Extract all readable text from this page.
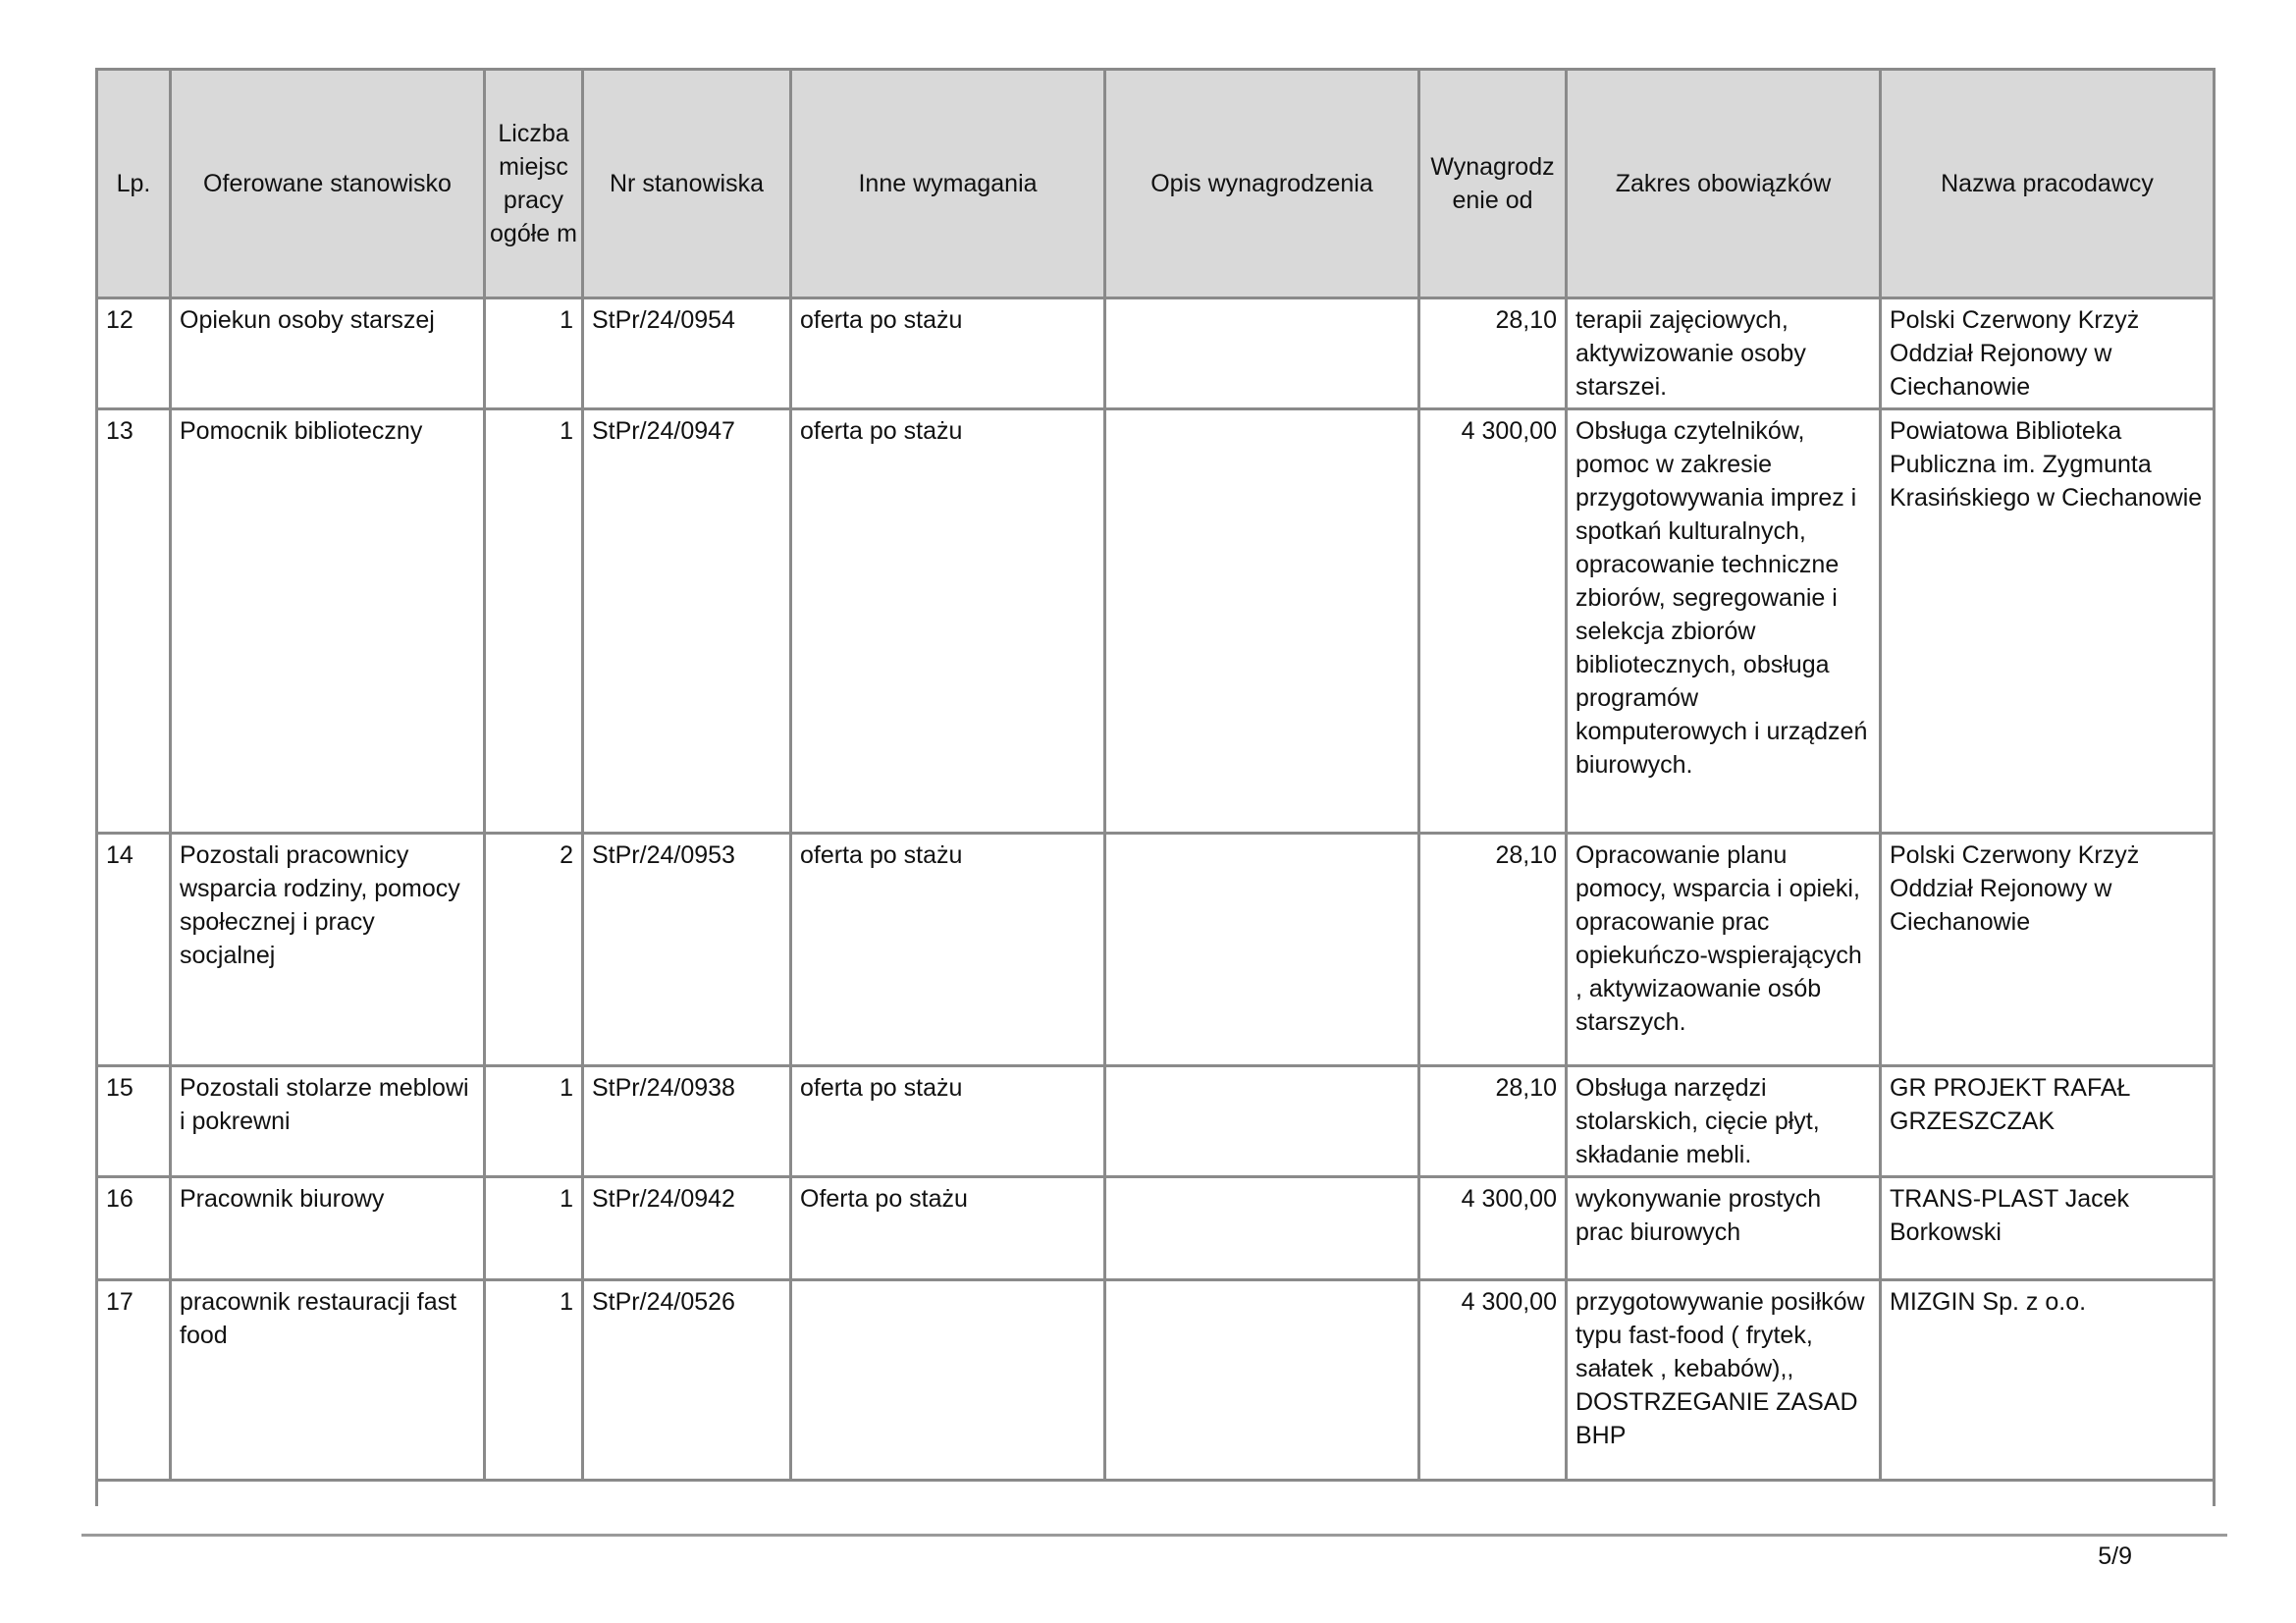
Lp.	Oferowane stanowisko	Liczba miejsc pracy ogółe m	Nr stanowiska	Inne wymagania	Opis wynagrodzenia	Wynagrodz enie od	Zakres obowiązków	Nazwa pracodawcy
12	Opiekun osoby starszej	1	StPr/24/0954	oferta po stażu		28,10	terapii zajęciowych, aktywizowanie osoby starszei.	Polski Czerwony Krzyż Oddział Rejonowy w Ciechanowie
13	Pomocnik biblioteczny	1	StPr/24/0947	oferta po stażu		4 300,00	Obsługa czytelników, pomoc w zakresie przygotowywania imprez i spotkań kulturalnych, opracowanie techniczne zbiorów, segregowanie i selekcja zbiorów bibliotecznych, obsługa programów komputerowych i urządzeń biurowych.	Powiatowa Biblioteka Publiczna im. Zygmunta Krasińskiego w Ciechanowie
14	Pozostali pracownicy wsparcia rodziny, pomocy społecznej i pracy socjalnej	2	StPr/24/0953	oferta po stażu		28,10	Opracowanie planu pomocy, wsparcia i opieki, opracowanie prac opiekuńczo-wspierających , aktywizaowanie osób starszych.	Polski Czerwony Krzyż Oddział Rejonowy w Ciechanowie
15	Pozostali stolarze meblowi i pokrewni	1	StPr/24/0938	oferta po stażu		28,10	Obsługa narzędzi stolarskich, cięcie płyt, składanie mebli.	GR PROJEKT RAFAŁ GRZESZCZAK
16	Pracownik biurowy	1	StPr/24/0942	Oferta po stażu		4 300,00	wykonywanie prostych prac biurowych	TRANS-PLAST Jacek Borkowski
17	pracownik restauracji fast food	1	StPr/24/0526			4 300,00	przygotowywanie posiłków typu fast-food ( frytek, sałatek , kebabów),, DOSTRZEGANIE ZASAD BHP	MIZGIN Sp. z o.o.

5/9
